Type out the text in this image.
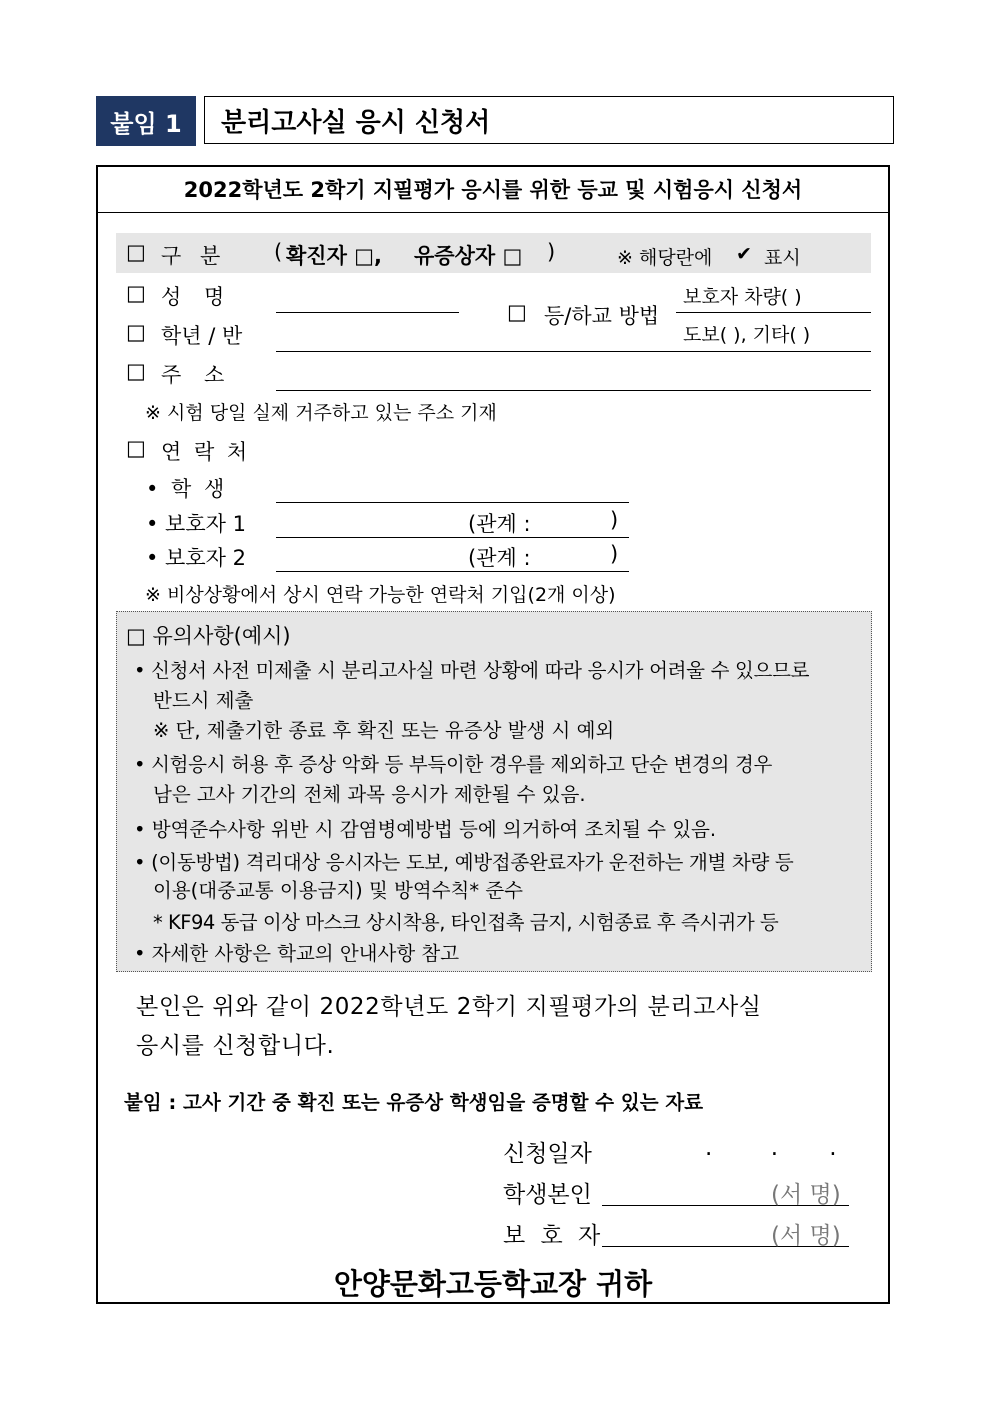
붙임 1	분리고사실 응시 신청서
2022학년도 2학기 지필평가 응시를 위한 등교 및 시험응시 신청서
□ 구 분 ( 확진자 □, 유증상자 □ )	※ 해당란에 ✔ 표시
□ 성 명
□ 등/하교 방법
보호자 차량( )
도보( ), 기타( )
□ 학년 / 반
□ 주 소
※ 시험 당일 실제 거주하고 있는 주소 기재
□ 연 락 처
• 학 생
• 보호자 1	(관계 :	)
• 보호자 2	(관계 :	)
※ 비상상황에서 상시 연락 가능한 연락처 기입(2개 이상)
□ 유의사항(예시)
• 신청서 사전 미제출 시 분리고사실 마련 상황에 따라 응시가 어려울 수 있으므로
반드시 제출
※ 단, 제출기한 종료 후 확진 또는 유증상 발생 시 예외
• 시험응시 허용 후 증상 악화 등 부득이한 경우를 제외하고 단순 변경의 경우
남은 고사 기간의 전체 과목 응시가 제한될 수 있음.
• 방역준수사항 위반 시 감염병예방법 등에 의거하여 조치될 수 있음.
• (이동방법) 격리대상 응시자는 도보, 예방접종완료자가 운전하는 개별 차량 등
이용(대중교통 이용금지) 및 방역수칙* 준수
* KF94 동급 이상 마스크 상시착용, 타인접촉 금지, 시험종료 후 즉시귀가 등
• 자세한 사항은 학교의 안내사항 참고
본인은 위와 같이 2022학년도 2학기 지필평가의 분리고사실
응시를 신청합니다.
붙임 : 고사 기간 중 확진 또는 유증상 학생임을 증명할 수 있는 자료
신청일자	.        .       .
학생본인	(서 명)
보 호 자	(서 명)
안양문화고등학교장 귀하
